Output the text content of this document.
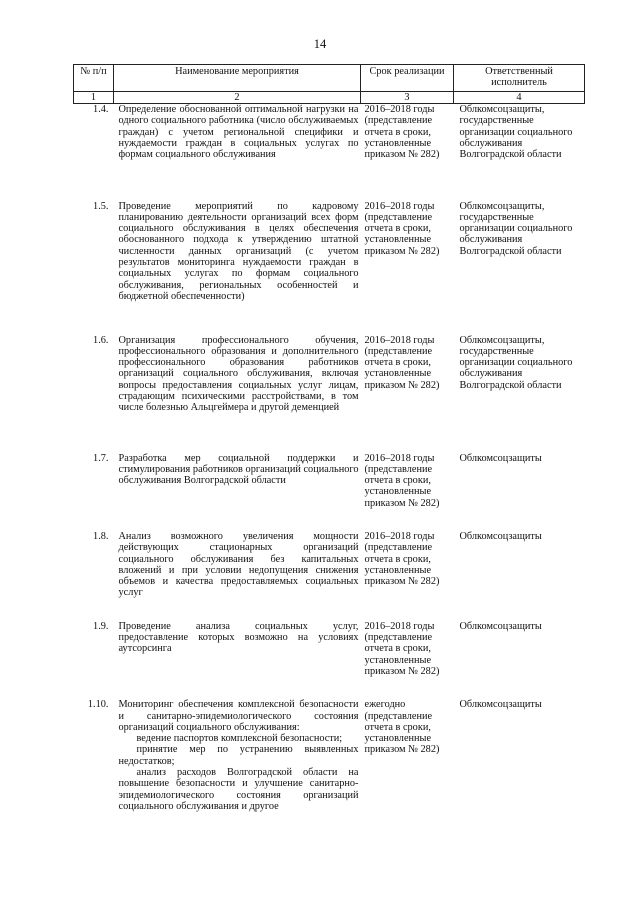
14
№ п/п	Наименование мероприятия	Срок реализации	Ответственный исполнитель
1	2	3	4
1.4.	Определение обоснованной оптимальной нагрузки на одного социального работника (число обслуживаемых граждан) с учетом региональной специфики и нуждаемости граждан в социальных услугах по формам социального обслуживания	2016–2018 годы (представление отчета в сроки, установленные приказом № 282)	Облкомсоцзащиты, государственные организации социального обслуживания Волгоградской области
1.5.	Проведение мероприятий по кадровому планированию деятельности организаций всех форм социального обслуживания в целях обеспечения обоснованного подхода к утверждению штатной численности данных организаций (с учетом результатов мониторинга нуждаемости граждан в социальных услугах по формам социального обслуживания, региональных особенностей и бюджетной обеспеченности)	2016–2018 годы (представление отчета в сроки, установленные приказом № 282)	Облкомсоцзащиты, государственные организации социального обслуживания Волгоградской области
1.6.	Организация профессионального обучения, профессионального образования и дополнительного профессионального образования работников организаций социального обслуживания, включая вопросы предоставления социальных услуг лицам, страдающим психическими расстройствами, в том числе болезнью Альцгеймера и другой деменцией	2016–2018 годы (представление отчета в сроки, установленные приказом № 282)	Облкомсоцзащиты, государственные организации социального обслуживания Волгоградской области
1.7.	Разработка мер социальной поддержки и стимулирования работников организаций социального обслуживания Волгоградской области	2016–2018 годы (представление отчета в сроки, установленные приказом № 282)	Облкомсоцзащиты
1.8.	Анализ возможного увеличения мощности действующих стационарных организаций социального обслуживания без капитальных вложений и при условии недопущения снижения объемов и качества предоставляемых социальных услуг	2016–2018 годы (представление отчета в сроки, установленные приказом № 282)	Облкомсоцзащиты
1.9.	Проведение анализа социальных услуг, предоставление которых возможно на условиях аутсорсинга	2016–2018 годы (представление отчета в сроки, установленные приказом № 282)	Облкомсоцзащиты
1.10.	Мониторинг обеспечения комплексной безопасности и санитарно-эпидемиологического состояния организаций социального обслуживания:
ведение паспортов комплексной безопасности;
принятие мер по устранению выявленных недостатков;
анализ расходов Волгоградской области на повышение безопасности и улучшение санитарно-эпидемиологического состояния организаций социального обслуживания и другое	ежегодно (представление отчета в сроки, установленные приказом № 282)	Облкомсоцзащиты
